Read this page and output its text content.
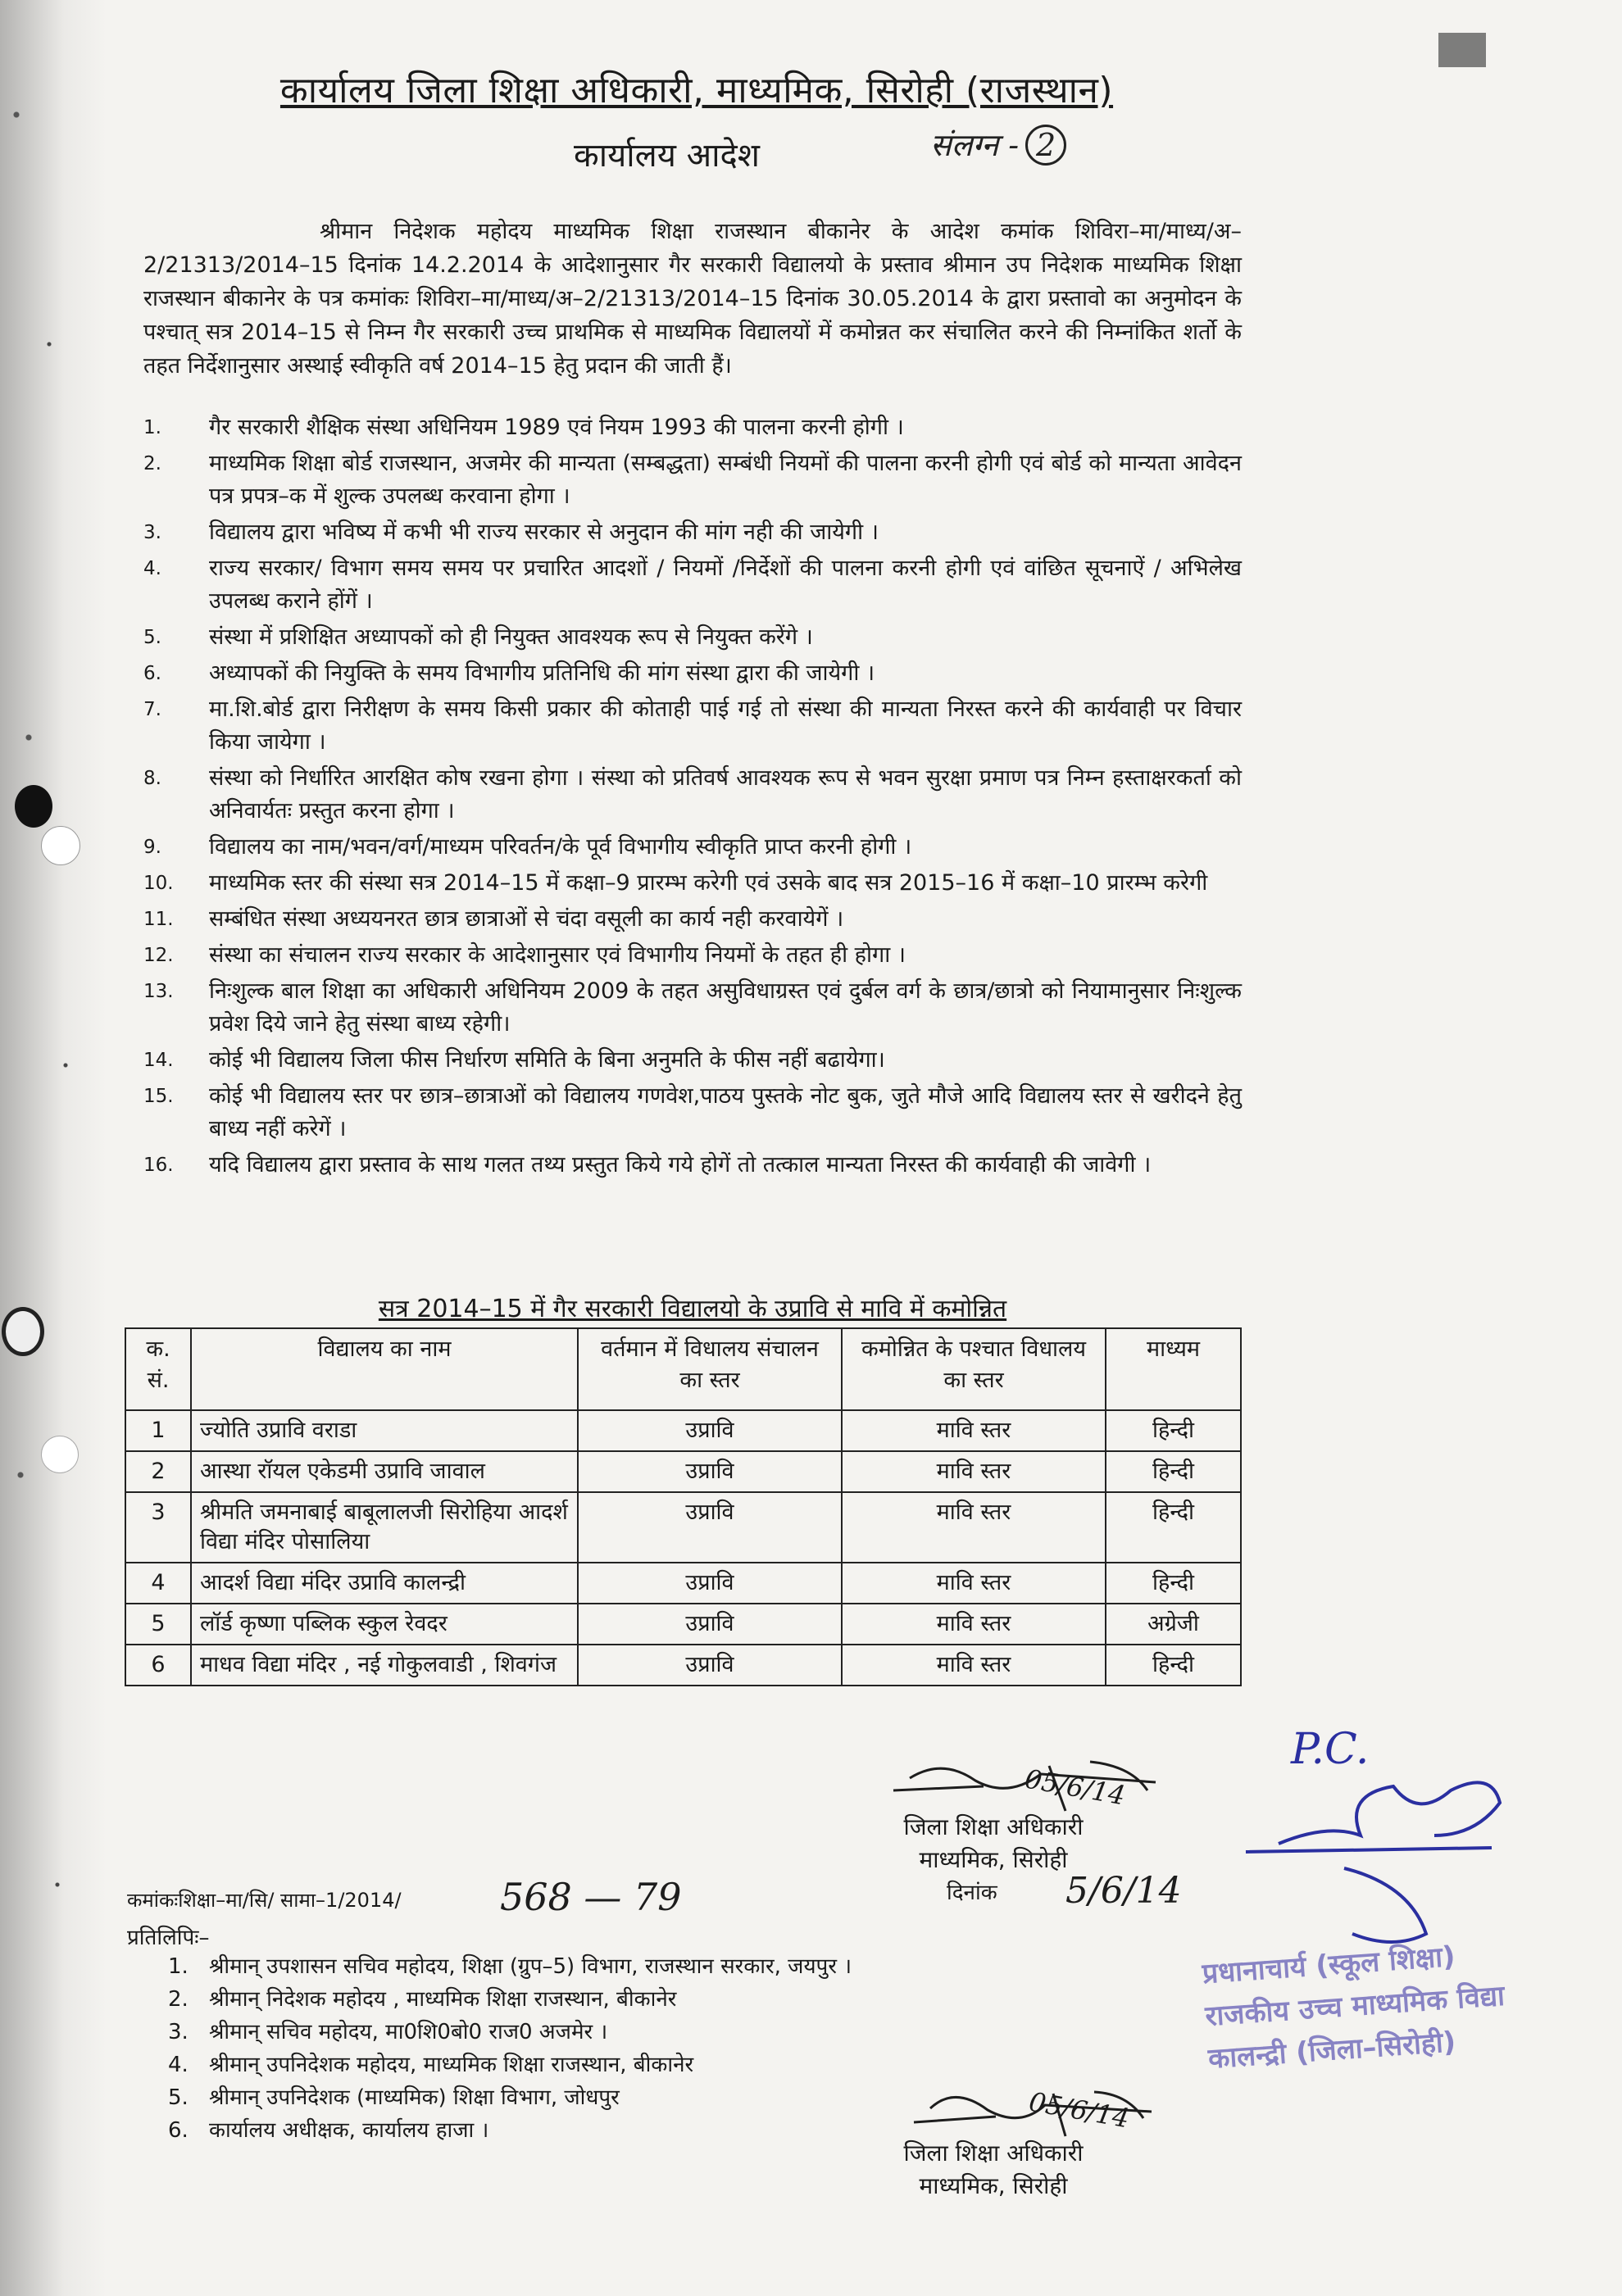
कार्यालय जिला शिक्षा अधिकारी, माध्यमिक, सिरोही (राजस्थान)
कार्यालय आदेश	संलग्न - 2
श्रीमान निदेशक महोदय माध्यमिक शिक्षा राजस्थान बीकानेर के आदेश कमांक शिविरा–मा/माध्य/अ–2/21313/2014–15 दिनांक 14.2.2014 के आदेशानुसार गैर सरकारी विद्यालयो के प्रस्ताव श्रीमान उप निदेशक माध्यमिक शिक्षा राजस्थान बीकानेर के पत्र कमांकः शिविरा–मा/माध्य/अ–2/21313/2014–15 दिनांक 30.05.2014 के द्वारा प्रस्तावो का अनुमोदन के पश्चात् सत्र 2014–15 से निम्न गैर सरकारी उच्च प्राथमिक से माध्यमिक विद्यालयों में कमोन्नत कर संचालित करने की निम्नांकित शर्तो के तहत निर्देशानुसार अस्थाई स्वीकृति वर्ष 2014–15 हेतु प्रदान की जाती हैं।
1.	गैर सरकारी शैक्षिक संस्था अधिनियम 1989 एवं नियम 1993 की पालना करनी होगी ।
2.	माध्यमिक शिक्षा बोर्ड राजस्थान, अजमेर की मान्यता (सम्बद्धता) सम्बंधी नियमों की पालना करनी होगी एवं बोर्ड को मान्यता आवेदन पत्र प्रपत्र–क में शुल्क उपलब्ध करवाना होगा ।
3.	विद्यालय द्वारा भविष्य में कभी भी राज्य सरकार से अनुदान की मांग नही की जायेगी ।
4.	राज्य सरकार/ विभाग समय समय पर प्रचारित आदशों / नियमों /निर्देशों की पालना करनी होगी एवं वांछित सूचनाऐं / अभिलेख उपलब्ध कराने होंगें ।
5.	संस्था में प्रशिक्षित अध्यापकों को ही नियुक्त आवश्यक रूप से नियुक्त करेंगे ।
6.	अध्यापकों की नियुक्ति के समय विभागीय प्रतिनिधि की मांग संस्था द्वारा की जायेगी ।
7.	मा.शि.बोर्ड द्वारा निरीक्षण के समय किसी प्रकार की कोताही पाई गई तो संस्था की मान्यता निरस्त करने की कार्यवाही पर विचार किया जायेगा ।
8.	संस्था को निर्धारित आरक्षित कोष रखना होगा । संस्था को प्रतिवर्ष आवश्यक रूप से भवन सुरक्षा प्रमाण पत्र निम्न हस्ताक्षरकर्ता को अनिवार्यतः प्रस्तुत करना होगा ।
9.	विद्यालय का नाम/भवन/वर्ग/माध्यम परिवर्तन/के पूर्व विभागीय स्वीकृति प्राप्त करनी होगी ।
10.	माध्यमिक स्तर की संस्था सत्र 2014–15 में कक्षा–9 प्रारम्भ करेगी एवं उसके बाद सत्र 2015–16 में कक्षा–10 प्रारम्भ करेगी
11.	सम्बंधित संस्था अध्ययनरत छात्र छात्राओं से चंदा वसूली का कार्य नही करवायेगें ।
12.	संस्था का संचालन राज्य सरकार के आदेशानुसार एवं विभागीय नियमों के तहत ही होगा ।
13.	निःशुल्क बाल शिक्षा का अधिकारी अधिनियम 2009 के तहत असुविधाग्रस्त एवं दुर्बल वर्ग के छात्र/छात्रो को नियामानुसार निःशुल्क प्रवेश दिये जाने हेतु संस्था बाध्य रहेगी।
14.	कोई भी विद्यालय जिला फीस निर्धारण समिति के बिना अनुमति के फीस नहीं बढायेगा।
15.	कोई भी विद्यालय स्तर पर छात्र–छात्राओं को विद्यालय गणवेश,पाठय पुस्तके नोट बुक, जुते मौजे आदि विद्यालय स्तर से खरीदने हेतु बाध्य नहीं करेगें ।
16.	यदि विद्यालय द्वारा प्रस्ताव के साथ गलत तथ्य प्रस्तुत किये गये होगें तो तत्काल मान्यता निरस्त की कार्यवाही की जावेगी ।
सत्र 2014–15 में गैर सरकारी विद्यालयो के उप्रावि से मावि में कमोन्नित
क. सं.	विद्यालय का नाम	वर्तमान में विधालय संचालन का स्तर	कमोन्नित के पश्चात विधालय का स्तर	माध्यम
1	ज्योति उप्रावि वराडा	उप्रावि	मावि स्तर	हिन्दी
2	आस्था रॉयल एकेडमी उप्रावि जावाल	उप्रावि	मावि स्तर	हिन्दी
3	श्रीमति जमनाबाई बाबूलालजी सिरोहिया आदर्श विद्या मंदिर पोसालिया	उप्रावि	मावि स्तर	हिन्दी
4	आदर्श विद्या मंदिर उप्रावि कालन्द्री	उप्रावि	मावि स्तर	हिन्दी
5	लॉर्ड कृष्णा पब्लिक स्कुल रेवदर	उप्रावि	मावि स्तर	अग्रेजी
6	माधव विद्या मंदिर , नई गोकुलवाडी , शिवगंज	उप्रावि	मावि स्तर	हिन्दी
05/6/14
जिला शिक्षा अधिकारी
माध्यमिक, सिरोही
कमांकःशिक्षा–मा/सि/ सामा–1/2014/	568 — 79	दिनांक 5/6/14
प्रतिलिपिः–
1. श्रीमान् उपशासन सचिव महोदय, शिक्षा (ग्रुप–5) विभाग, राजस्थान सरकार, जयपुर ।
2. श्रीमान् निदेशक महोदय , माध्यमिक शिक्षा राजस्थान, बीकानेर
3. श्रीमान् सचिव महोदय, मा0शि0बो0 राज0 अजमेर ।
4. श्रीमान् उपनिदेशक महोदय, माध्यमिक शिक्षा राजस्थान, बीकानेर
5. श्रीमान् उपनिदेशक (माध्यमिक) शिक्षा विभाग, जोधपुर
6. कार्यालय अधीक्षक, कार्यालय हाजा ।	05/6/14
जिला शिक्षा अधिकारी
माध्यमिक, सिरोही
P.C.
प्रधानाचार्य (स्कूल शिक्षा)
राजकीय उच्च माध्यमिक विद्या
कालन्द्री (जिला–सिरोही)
